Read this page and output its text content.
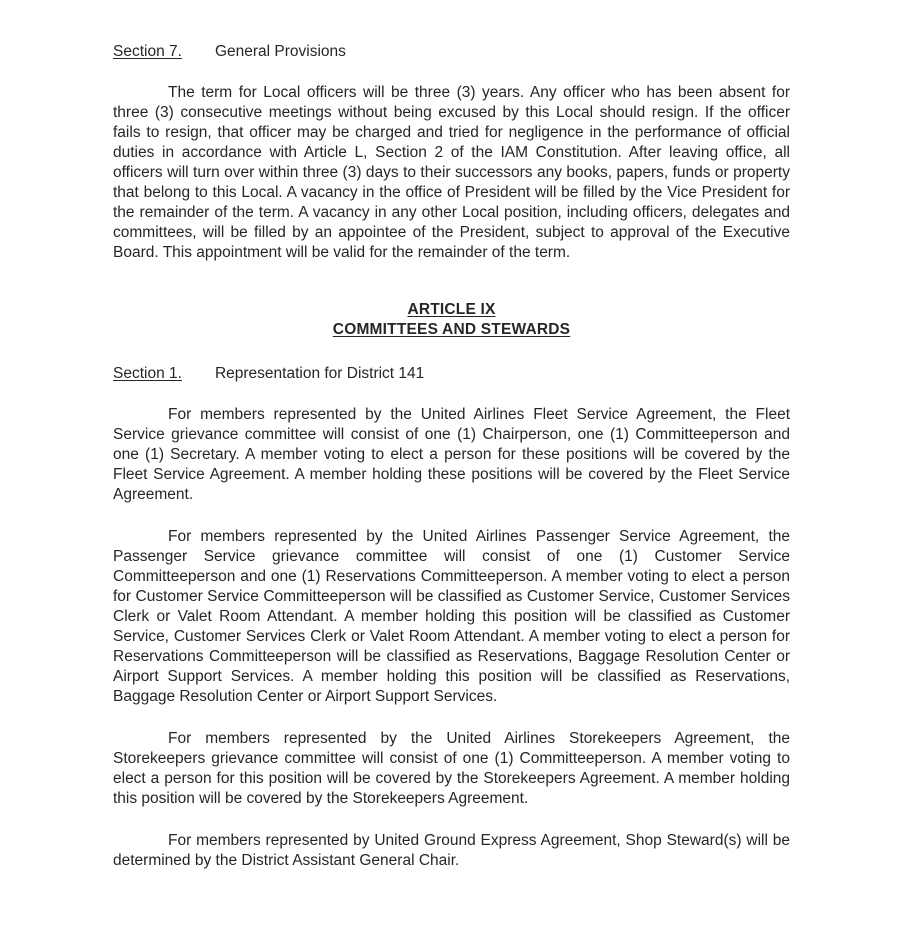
Section 7. General Provisions

The term for Local officers will be three (3) years. Any officer who has been absent for three (3) consecutive meetings without being excused by this Local should resign. If the officer fails to resign, that officer may be charged and tried for negligence in the performance of official duties in accordance with Article L, Section 2 of the IAM Constitution. After leaving office, all officers will turn over within three (3) days to their successors any books, papers, funds or property that belong to this Local. A vacancy in the office of President will be filled by the Vice President for the remainder of the term. A vacancy in any other Local position, including officers, delegates and committees, will be filled by an appointee of the President, subject to approval of the Executive Board. This appointment will be valid for the remainder of the term.

ARTICLE IX
COMMITTEES AND STEWARDS
Section 1. Representation for District 141

For members represented by the United Airlines Fleet Service Agreement, the Fleet Service grievance committee will consist of one (1) Chairperson, one (1) Committeeperson and one (1) Secretary. A member voting to elect a person for these positions will be covered by the Fleet Service Agreement. A member holding these positions will be covered by the Fleet Service Agreement.

For members represented by the United Airlines Passenger Service Agreement, the Passenger Service grievance committee will consist of one (1) Customer Service Committeeperson and one (1) Reservations Committeeperson. A member voting to elect a person for Customer Service Committeeperson will be classified as Customer Service, Customer Services Clerk or Valet Room Attendant. A member holding this position will be classified as Customer Service, Customer Services Clerk or Valet Room Attendant. A member voting to elect a person for Reservations Committeeperson will be classified as Reservations, Baggage Resolution Center or Airport Support Services. A member holding this position will be classified as Reservations, Baggage Resolution Center or Airport Support Services.

For members represented by the United Airlines Storekeepers Agreement, the Storekeepers grievance committee will consist of one (1) Committeeperson. A member voting to elect a person for this position will be covered by the Storekeepers Agreement. A member holding this position will be covered by the Storekeepers Agreement.

For members represented by United Ground Express Agreement, Shop Steward(s) will be determined by the District Assistant General Chair.
